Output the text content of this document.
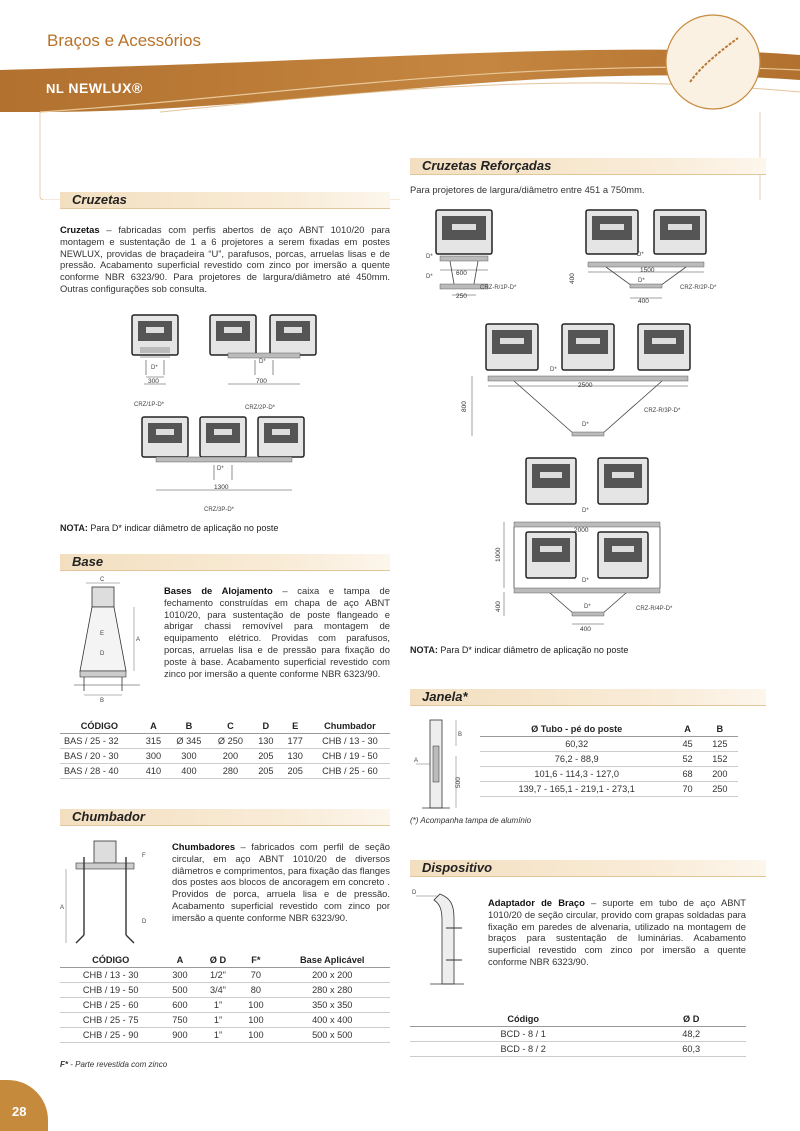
Braços e Acessórios
NL NEWLUX®
Cruzetas
Cruzetas – fabricadas com perfis abertos de aço ABNT 1010/20 para montagem e sustentação de 1 a 6 projetores a serem fixadas em postes NEWLUX, providas de braçadeira “U”, parafusos, porcas, arruelas lisas e de pressão. Acabamento superficial revestido com zinco por imersão a quente conforme NBR 6323/90. Para projetores de largura/diâmetro até 450mm. Outras configurações sob consulta.
D*
300
CRZ/1P-D*
D*
700
CRZ/2P-D*
D*
1300
CRZ/3P-D*
NOTA: Para D* indicar diâmetro de aplicação no poste
Base
C
E
A
D
B
Bases de Alojamento – caixa e tampa de fechamento construídas em chapa de aço ABNT 1010/20, para sustentação de poste flangeado e abrigar chassi removível para montagem de equipamento elétrico. Providas com parafusos, porcas, arruelas lisa e de pressão para fixação do poste à base. Acabamento superficial revestido com zinco por imersão a quente conforme NBR 6323/90.
CÓDIGO	A	B	C	D	E	Chumbador
BAS / 25 - 32	315	Ø 345	Ø 250	130	177	CHB / 13 - 30
BAS / 20 - 30	300	300	200	205	130	CHB / 19 - 50
BAS / 28 - 40	410	400	280	205	205	CHB / 25 - 60
Chumbador
F
A
D
Chumbadores – fabricados com perfil de seção circular, em aço ABNT 1010/20 de diversos diâmetros e comprimentos, para fixação das flanges dos postes aos blocos de ancoragem em concreto . Providos de porca, arruela lisa e de pressão. Acabamento superficial revestido com zinco por imersão a quente conforme NBR 6323/90.
CÓDIGO	A	Ø D	F*	Base Aplicável
CHB / 13 - 30	300	1/2”	70	200 x 200
CHB / 19 - 50	500	3/4”	80	280 x 280
CHB / 25 - 60	600	1”	100	350 x 350
CHB / 25 - 75	750	1”	100	400 x 400
CHB / 25 - 90	900	1”	100	500 x 500
F* - Parte revestida com zinco
Cruzetas Reforçadas
Para projetores de largura/diâmetro entre 451 a 750mm.
D*
D*	600
250
CRZ-R/1P-D*
D*
1500
D*
400
400
CRZ-R/2P-D*
D*
2500
D*
800	CRZ-R/3P-D*
D*
2000
D*
D*
400
1000
400	CRZ-R/4P-D*
NOTA: Para D* indicar diâmetro de aplicação no poste
Janela*
A
B
500
Ø Tubo - pé do poste	A	B
60,32	45	125
76,2 - 88,9	52	152
101,6 - 114,3 - 127,0	68	200
139,7 - 165,1 - 219,1 - 273,1	70	250
(*) Acompanha tampa de alumínio
Dispositivo
D
Adaptador de Braço – suporte em tubo de aço ABNT 1010/20 de seção circular, provido com grapas soldadas para fixação em paredes de alvenaria, utilizado na montagem de braços para sustentação de luminárias. Acabamento superficial revestido com zinco por imersão a quente conforme NBR 6323/90.
Código	Ø D
BCD - 8 / 1	48,2
BCD - 8 / 2	60,3
28
